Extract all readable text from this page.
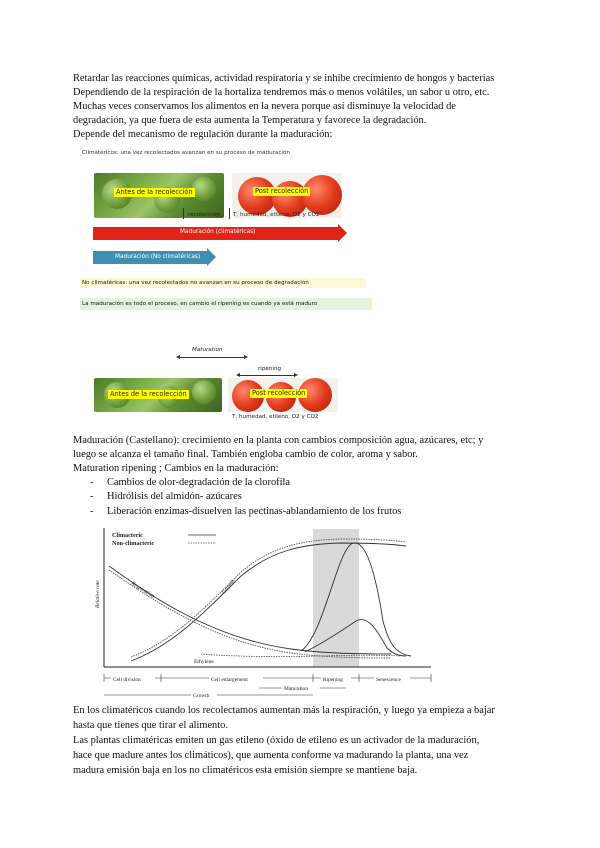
Retardar las reacciones químicas, actividad respiratoria y se inhibe crecimiento de hongos y bacterias
Dependiendo de la respiración de la hortaliza tendremos más o menos volátiles, un sabor u otro, etc.
Muchas veces conservamos los alimentos en la nevera porque así disminuye la velocidad de
degradación, ya que fuera de esta aumenta la Temperatura y favorece la degradación.
Depende del mecanismo de regulación durante la maduración:
Climatéricos: una vez recolectados avanzan en su proceso de maduración
Antes de la recolección	Post recolección
recolección T, humedad, etileno, O2 y CO2
Maduración (climatéricas)
Maduración (No climatéricas)
No climatéricas: una vez recolectados no avanzan en su proceso de degradación
La maduración es todo el proceso, en cambio el ripening es cuando ya está maduro
Maturation
ripening
Antes de la recolección	Post recolección
T, humedad, etileno, O2 y CO2
Maduración (Castellano): crecimiento en la planta con cambios composición agua, azúcares, etc; y
luego se alcanza el tamaño final. También engloba cambio de color, aroma y sabor.
Maturation ripening ; Cambios en la maduración:
- Cambios de olor-degradación de la clorofila
- Hidrólisis del almidón- azúcares
- Liberación enzimas-disuelven las pectinas-ablandamiento de los frutos
Climacteric
Non-climacteric
Relative rate	Respiration	Growth
Ethylene
Cell division	Cell enlargement	Ripening	Senescence
Maturation
Growth
En los climatéricos cuando los recolectamos aumentan más la respiración, y luego ya empieza a bajar
hasta que tienes que tirar el alimento.
Las plantas climatéricas emiten un gas etileno (óxido de etileno es un activador de la maduración,
hace que madure antes los climáticos), que aumenta conforme va madurando la planta, una vez
madura emisión baja en los no climatéricos esta emisión siempre se mantiene baja.
